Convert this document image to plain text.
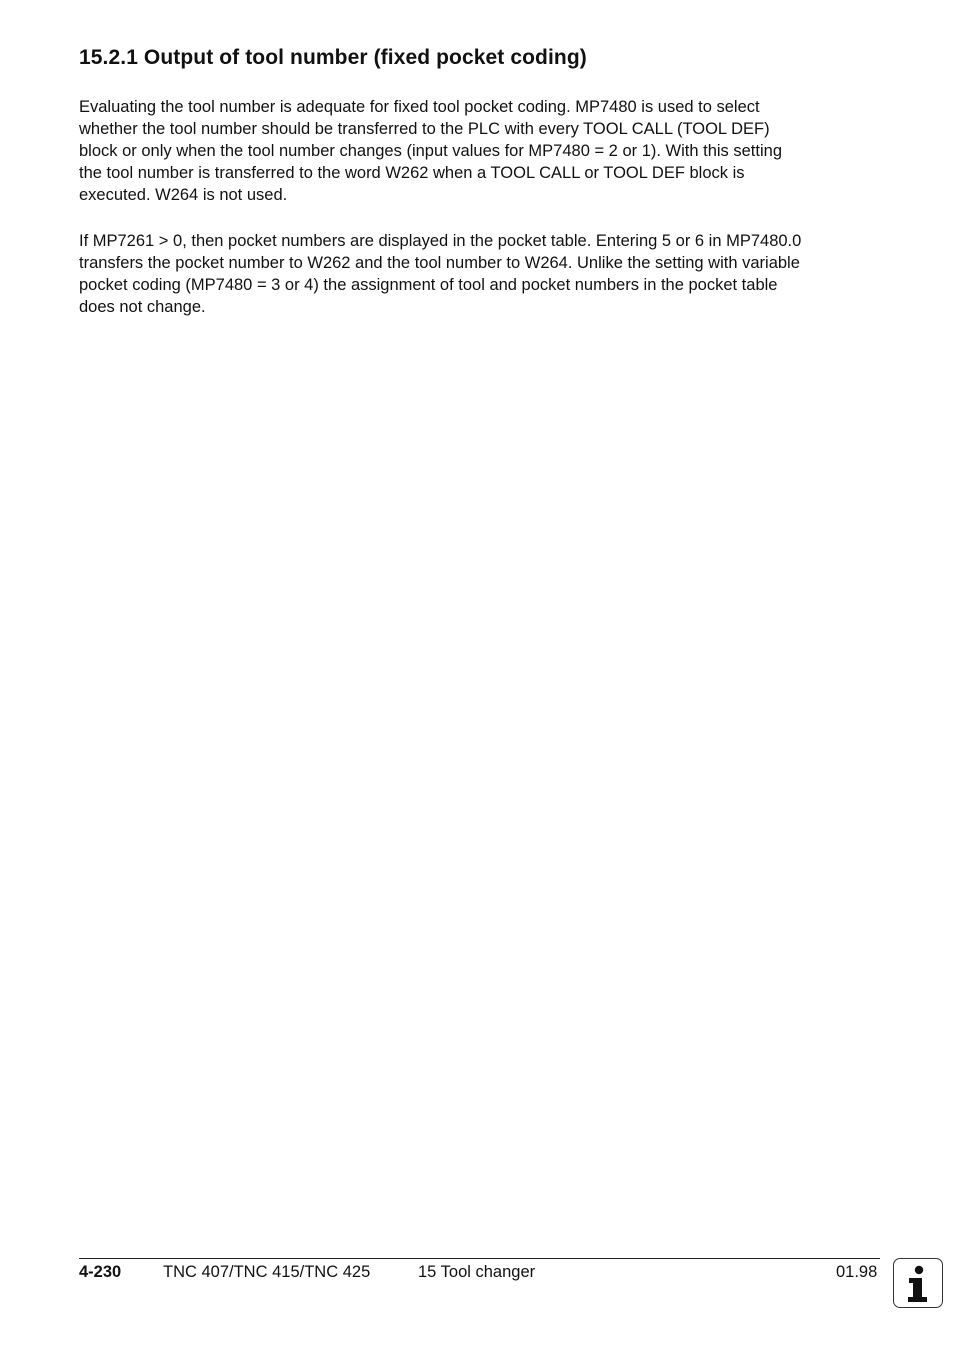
15.2.1 Output of tool number (fixed pocket coding)
Evaluating the tool number is adequate for fixed tool pocket coding. MP7480 is used to select
whether the tool number should be transferred to the PLC with every TOOL CALL (TOOL DEF)
block or only when the tool number changes (input values for MP7480 = 2 or 1). With this setting
the tool number is transferred to the word W262 when a TOOL CALL or TOOL DEF block is
executed. W264 is not used.
If MP7261 > 0, then pocket numbers are displayed in the pocket table. Entering 5 or 6 in MP7480.0
transfers the pocket number to W262 and the tool number to W264. Unlike the setting with variable
pocket coding (MP7480 = 3 or 4) the assignment of tool and pocket numbers in the pocket table
does not change.
4-230	TNC 407/TNC 415/TNC 425	15 Tool changer	01.98
